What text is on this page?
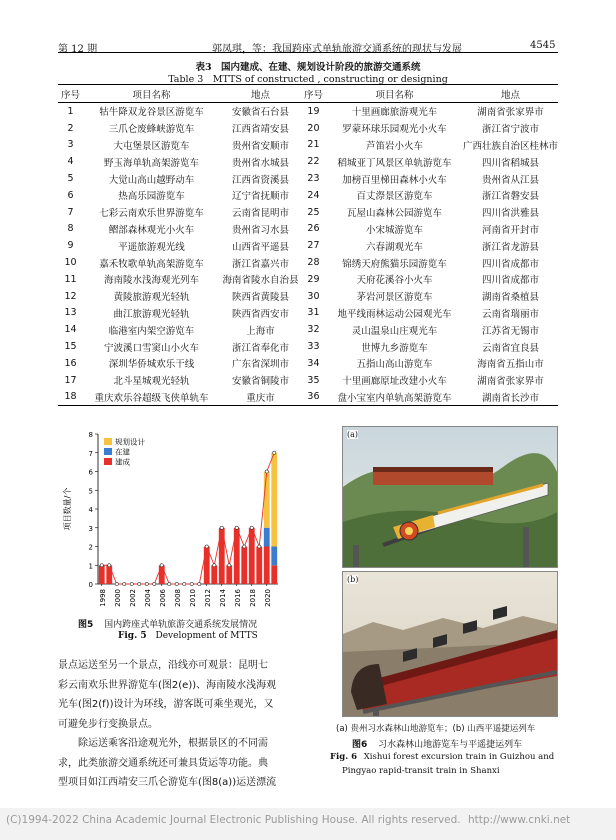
第 12 期	郭凤琪，等：我国跨座式单轨旅游交通系统的现状与发展	4545
表3　国内建成、在建、规划设计阶段的旅游交通系统
Table 3　MTTS of constructed , constructing or designing
序号	项目名称	地点	序号	项目名称	地点
1	牯牛降双龙谷景区游览车	安徽省石台县	19	十里画廊旅游观光车	湖南省张家界市
2	三爪仑废蜂峡游览车	江西省靖安县	20	罗蒙环球乐园观光小火车	浙江省宁波市
3	大屯堡景区游览车	贵州省安顺市	21	芦笛岩小火车	广西壮族自治区桂林市
4	野玉海单轨高架游览车	贵州省水城县	22	稻城亚丁风景区单轨游览车	四川省稻城县
5	大觉山高山越野动车	江西省资溪县	23	加榜百里梯田森林小火车	贵州省从江县
6	热高乐园游览车	辽宁省抚顺市	24	百丈漈景区游览车	浙江省磐安县
7	七彩云南欢乐世界游览车	云南省昆明市	25	瓦屋山森林公园游览车	四川省洪雅县
8	鳛部森林观光小火车	贵州省习水县	26	小宋城游览车	河南省开封市
9	平遥旅游观光线	山西省平遥县	27	六春湖观光车	浙江省龙游县
10	嘉禾牧歌单轨高架游览车	浙江省嘉兴市	28	锦绣天府熊猫乐园游览车	四川省成都市
11	海南陵水浅海观光列车	海南省陵水自治县	29	天府花溪谷小火车	四川省成都市
12	黄陵旅游观光轻轨	陕西省黄陵县	30	茅岩河景区游览车	湖南省桑植县
13	曲江旅游观光轻轨	陕西省西安市	31	地平线雨林运动公园观光车	云南省瑞丽市
14	临港室内架空游览车	上海市	32	灵山温泉山庄观光车	江苏省无锡市
15	宁波溪口雪窦山小火车	浙江省奉化市	33	世博九乡游览车	云南省宜良县
16	深圳华侨城欢乐干线	广东省深圳市	34	五指山高山游览车	海南省五指山市
17	北斗星城观光轻轨	安徽省铜陵市	35	十里画廊原址改建小火车	湖南省张家界市
18	重庆欢乐谷超级飞侠单轨车	重庆市	36	盘小宝室内单轨高架游览车	湖南省长沙市
0
1
2
3
4
5
6
7
8
1998 2000 2002 2004 2006 2008 2010 2012 2014 2016 2018 2020
项目数量/个
规划设计
在建
建成
图5 国内跨座式单轨旅游交通系统发展情况
Fig. 5 Development of MTTS
景点运送至另一个景点，沿线亦可观景：昆明七
彩云南欢乐世界游览车(图2(e))、海南陵水浅海观
光车(图2(f))设计为环线，游客既可乘坐观光，又
可避免步行变换景点。
　　除运送乘客沿途观光外，根据景区的不同需
求，此类旅游交通系统还可兼具货运等功能。典
型项目如江西靖安三爪仑游览车(图8(a))运送漂流
(a)
(b)
(a) 贵州习水森林山地游览车；(b) 山西平遥捷运列车
图6 习水森林山地游览车与平遥捷运列车
Fig. 6 Xishui forest excursion train in Guizhou and
Pingyao rapid-transit train in Shanxi
(C)1994-2022 China Academic Journal Electronic Publishing House. All rights reserved. http://www.cnki.net
